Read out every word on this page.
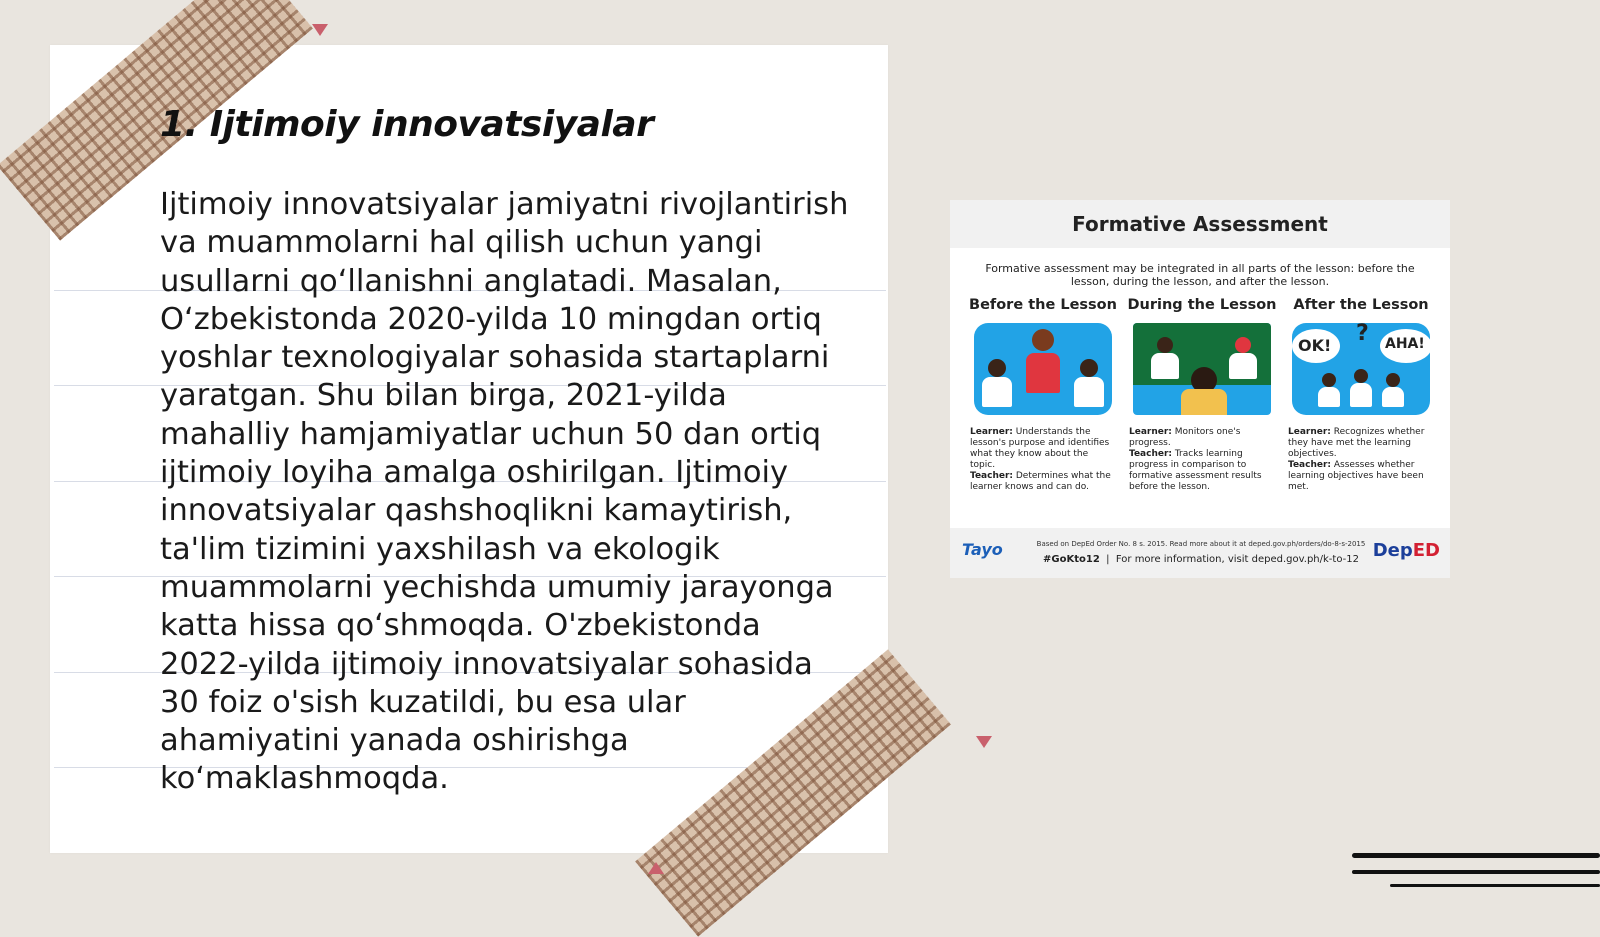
1. Ijtimoiy innovatsiyalar

Ijtimoiy innovatsiyalar jamiyatni rivojlantirish va muammolarni hal qilish uchun yangi usullarni qo‘llanishni anglatadi. Masalan, O‘zbekistonda 2020-yilda 10 mingdan ortiq yoshlar texnologiyalar sohasida startaplarni yaratgan. Shu bilan birga, 2021-yilda mahalliy hamjamiyatlar uchun 50 dan ortiq ijtimoiy loyiha amalga oshirilgan. Ijtimoiy innovatsiyalar qashshoqlikni kamaytirish, ta'lim tizimini yaxshilash va ekologik muammolarni yechishda umumiy jarayonga katta hissa qo‘shmoqda. O'zbekistonda 2022-yilda ijtimoiy innovatsiyalar sohasida 30 foiz o'sish kuzatildi, bu esa ular ahamiyatini yanada oshirishga ko‘maklashmoqda.

Formative Assessment
Formative assessment may be integrated in all parts of the lesson: before the lesson, during the lesson, and after the lesson.
Before the Lesson
Learner: Understands the lesson's purpose and identifies what they know about the topic.
Teacher: Determines what the learner knows and can do.
During the Lesson
Learner: Monitors one's progress.
Teacher: Tracks learning progress in comparison to formative assessment results before the lesson.
After the Lesson
OK! ? AHA!
Learner: Recognizes whether they have met the learning objectives.
Teacher: Assesses whether learning objectives have been met.
Tayo	Based on DepEd Order No. 8 s. 2015. Read more about it at deped.gov.ph/orders/do-8-s-2015
#GoKto12 | For more information, visit deped.gov.ph/k-to-12 DepED
